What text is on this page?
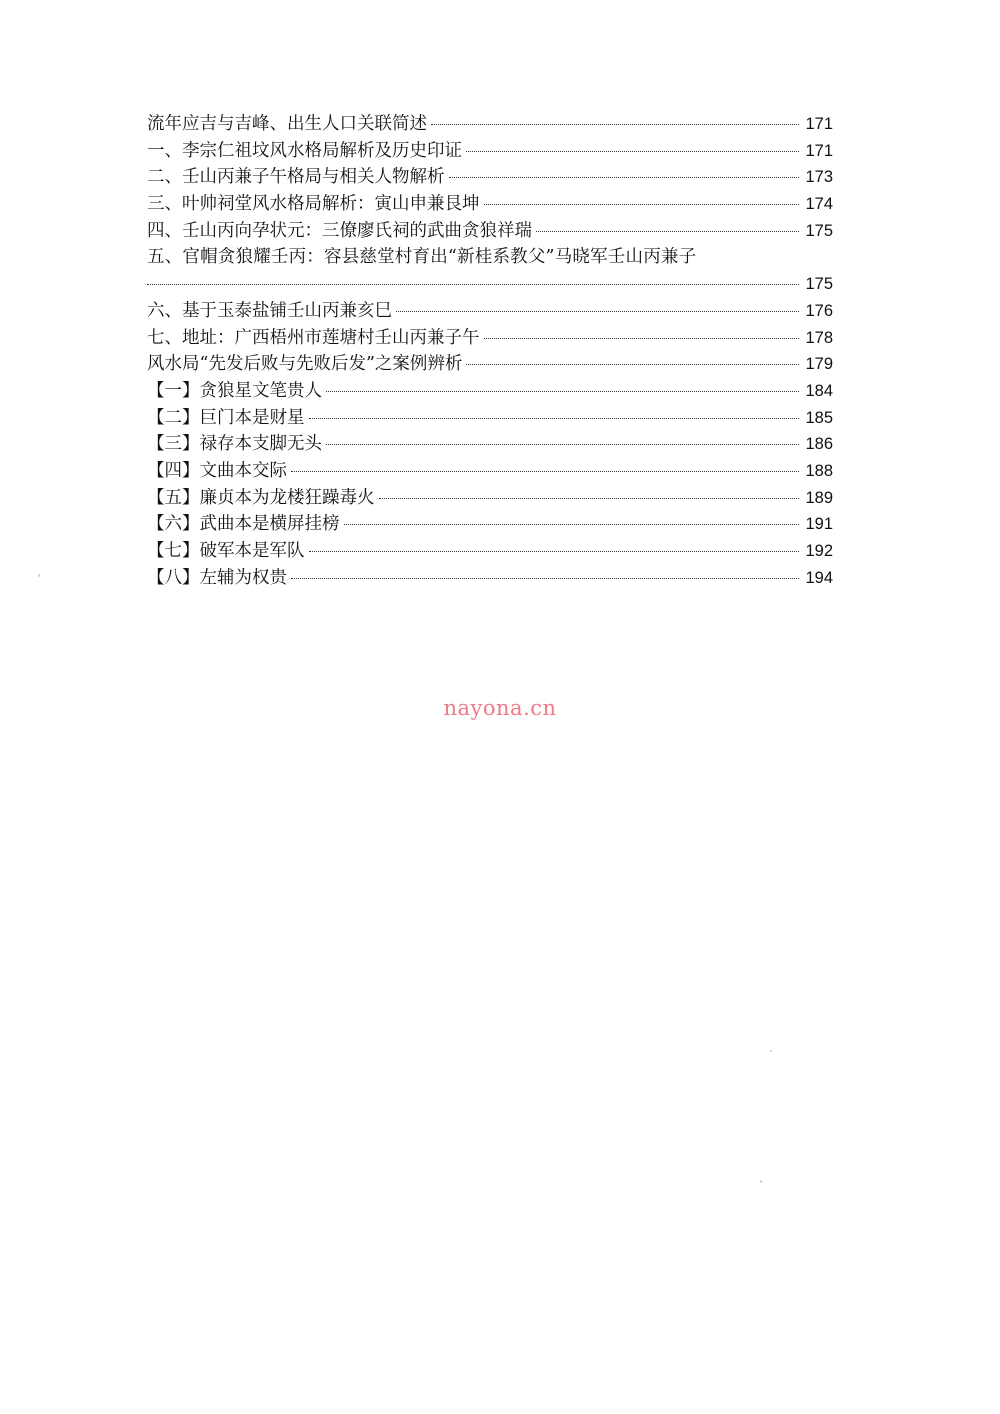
流年应吉与吉峰、出生人口关联简述	171
一、李宗仁祖坟风水格局解析及历史印证	171
二、壬山丙兼子午格局与相关人物解析	173
三、叶帅祠堂风水格局解析：寅山申兼艮坤	174
四、壬山丙向孕状元：三僚廖氏祠的武曲贪狼祥瑞	175
五、官帽贪狼耀壬丙：容县慈堂村育出“新桂系教父”马晓军壬山丙兼子
175
六、基于玉泰盐铺壬山丙兼亥巳	176
七、地址：广西梧州市莲塘村壬山丙兼子午	178
风水局“先发后败与先败后发”之案例辨析	179
【一】贪狼星文笔贵人	184
【二】巨门本是财星	185
【三】禄存本支脚无头	186
【四】文曲本交际	188
【五】廉贞本为龙楼狂躁毒火	189
【六】武曲本是横屏挂榜	191
【七】破军本是军队	192
【八】左辅为权贵	194
nayona.cn
